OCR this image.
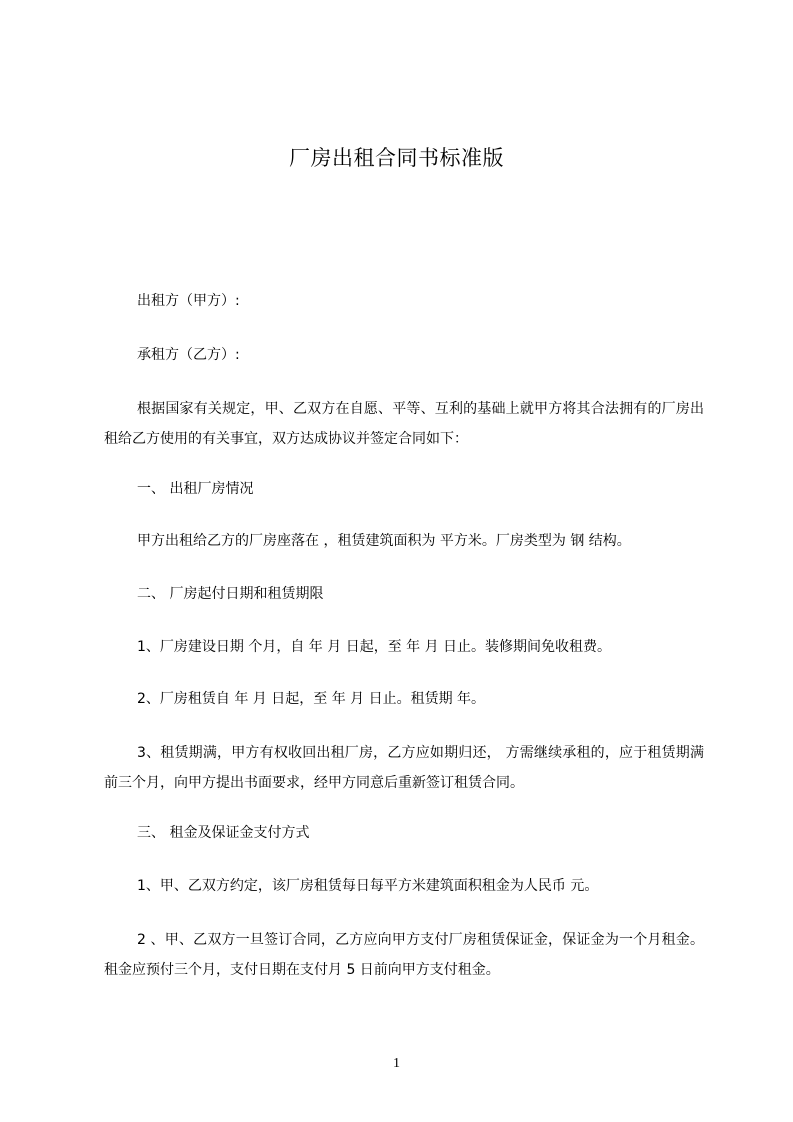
厂房出租合同书标准版
出租方（甲方）:
承租方（乙方）:
根据国家有关规定，甲、乙双方在自愿、平等、互利的基础上就甲方将其合法拥有的厂房出租给乙方使用的有关事宜，双方达成协议并签定合同如下：
一、 出租厂房情况
甲方出租给乙方的厂房座落在 ，租赁建筑面积为 平方米。厂房类型为 钢 结构。
二、 厂房起付日期和租赁期限
1、厂房建设日期 个月，自 年 月 日起，至 年 月 日止。装修期间免收租费。
2、厂房租赁自 年 月 日起，至 年 月 日止。租赁期 年。
3、租赁期满，甲方有权收回出租厂房，乙方应如期归还， 方需继续承租的，应于租赁期满前三个月，向甲方提出书面要求，经甲方同意后重新签订租赁合同。
三、 租金及保证金支付方式
1、甲、乙双方约定，该厂房租赁每日每平方米建筑面积租金为人民币 元。
2 、甲、乙双方一旦签订合同，乙方应向甲方支付厂房租赁保证金，保证金为一个月租金。租金应预付三个月，支付日期在支付月 5 日前向甲方支付租金。
1
